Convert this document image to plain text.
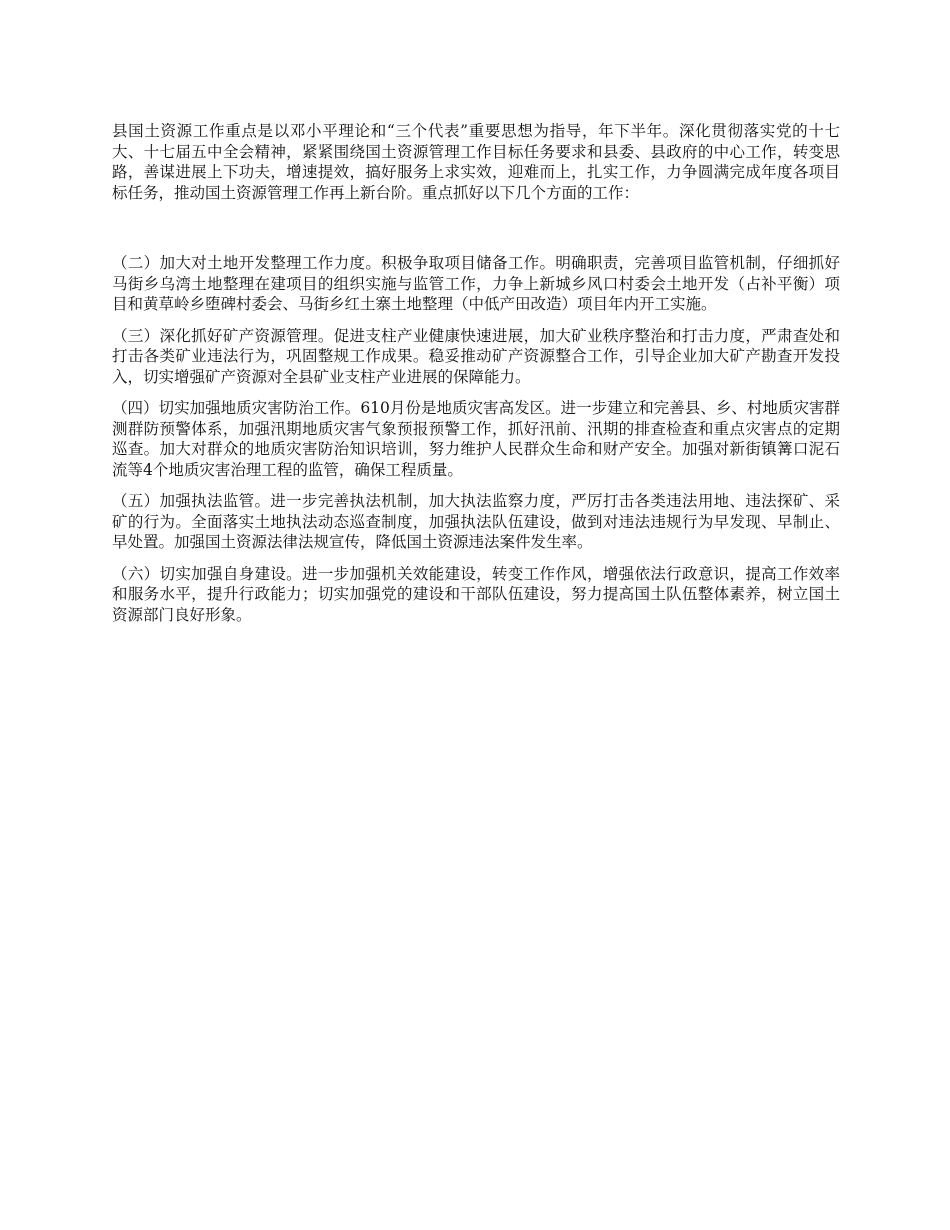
县国土资源工作重点是以邓小平理论和“三个代表”重要思想为指导，年下半年。深化贯彻落实党的十七大、十七届五中全会精神，紧紧围绕国土资源管理工作目标任务要求和县委、县政府的中心工作，转变思路，善谋进展上下功夫，增速提效，搞好服务上求实效，迎难而上，扎实工作，力争圆满完成年度各项目标任务，推动国土资源管理工作再上新台阶。重点抓好以下几个方面的工作：

（二）加大对土地开发整理工作力度。积极争取项目储备工作。明确职责，完善项目监管机制，仔细抓好马街乡乌湾土地整理在建项目的组织实施与监管工作，力争上新城乡风口村委会土地开发（占补平衡）项目和黄草岭乡堕碑村委会、马街乡红土寨土地整理（中低产田改造）项目年内开工实施。

（三）深化抓好矿产资源管理。促进支柱产业健康快速进展，加大矿业秩序整治和打击力度，严肃查处和打击各类矿业违法行为，巩固整规工作成果。稳妥推动矿产资源整合工作，引导企业加大矿产勘查开发投入，切实增强矿产资源对全县矿业支柱产业进展的保障能力。

（四）切实加强地质灾害防治工作。610月份是地质灾害高发区。进一步建立和完善县、乡、村地质灾害群测群防预警体系，加强汛期地质灾害气象预报预警工作，抓好汛前、汛期的排查检查和重点灾害点的定期巡查。加大对群众的地质灾害防治知识培训，努力维护人民群众生命和财产安全。加强对新街镇篝口泥石流等4个地质灾害治理工程的监管，确保工程质量。

（五）加强执法监管。进一步完善执法机制，加大执法监察力度，严厉打击各类违法用地、违法探矿、采矿的行为。全面落实土地执法动态巡查制度，加强执法队伍建设，做到对违法违规行为早发现、早制止、早处置。加强国土资源法律法规宣传，降低国土资源违法案件发生率。

（六）切实加强自身建设。进一步加强机关效能建设，转变工作作风，增强依法行政意识，提高工作效率和服务水平，提升行政能力；切实加强党的建设和干部队伍建设，努力提高国土队伍整体素养，树立国土资源部门良好形象。
